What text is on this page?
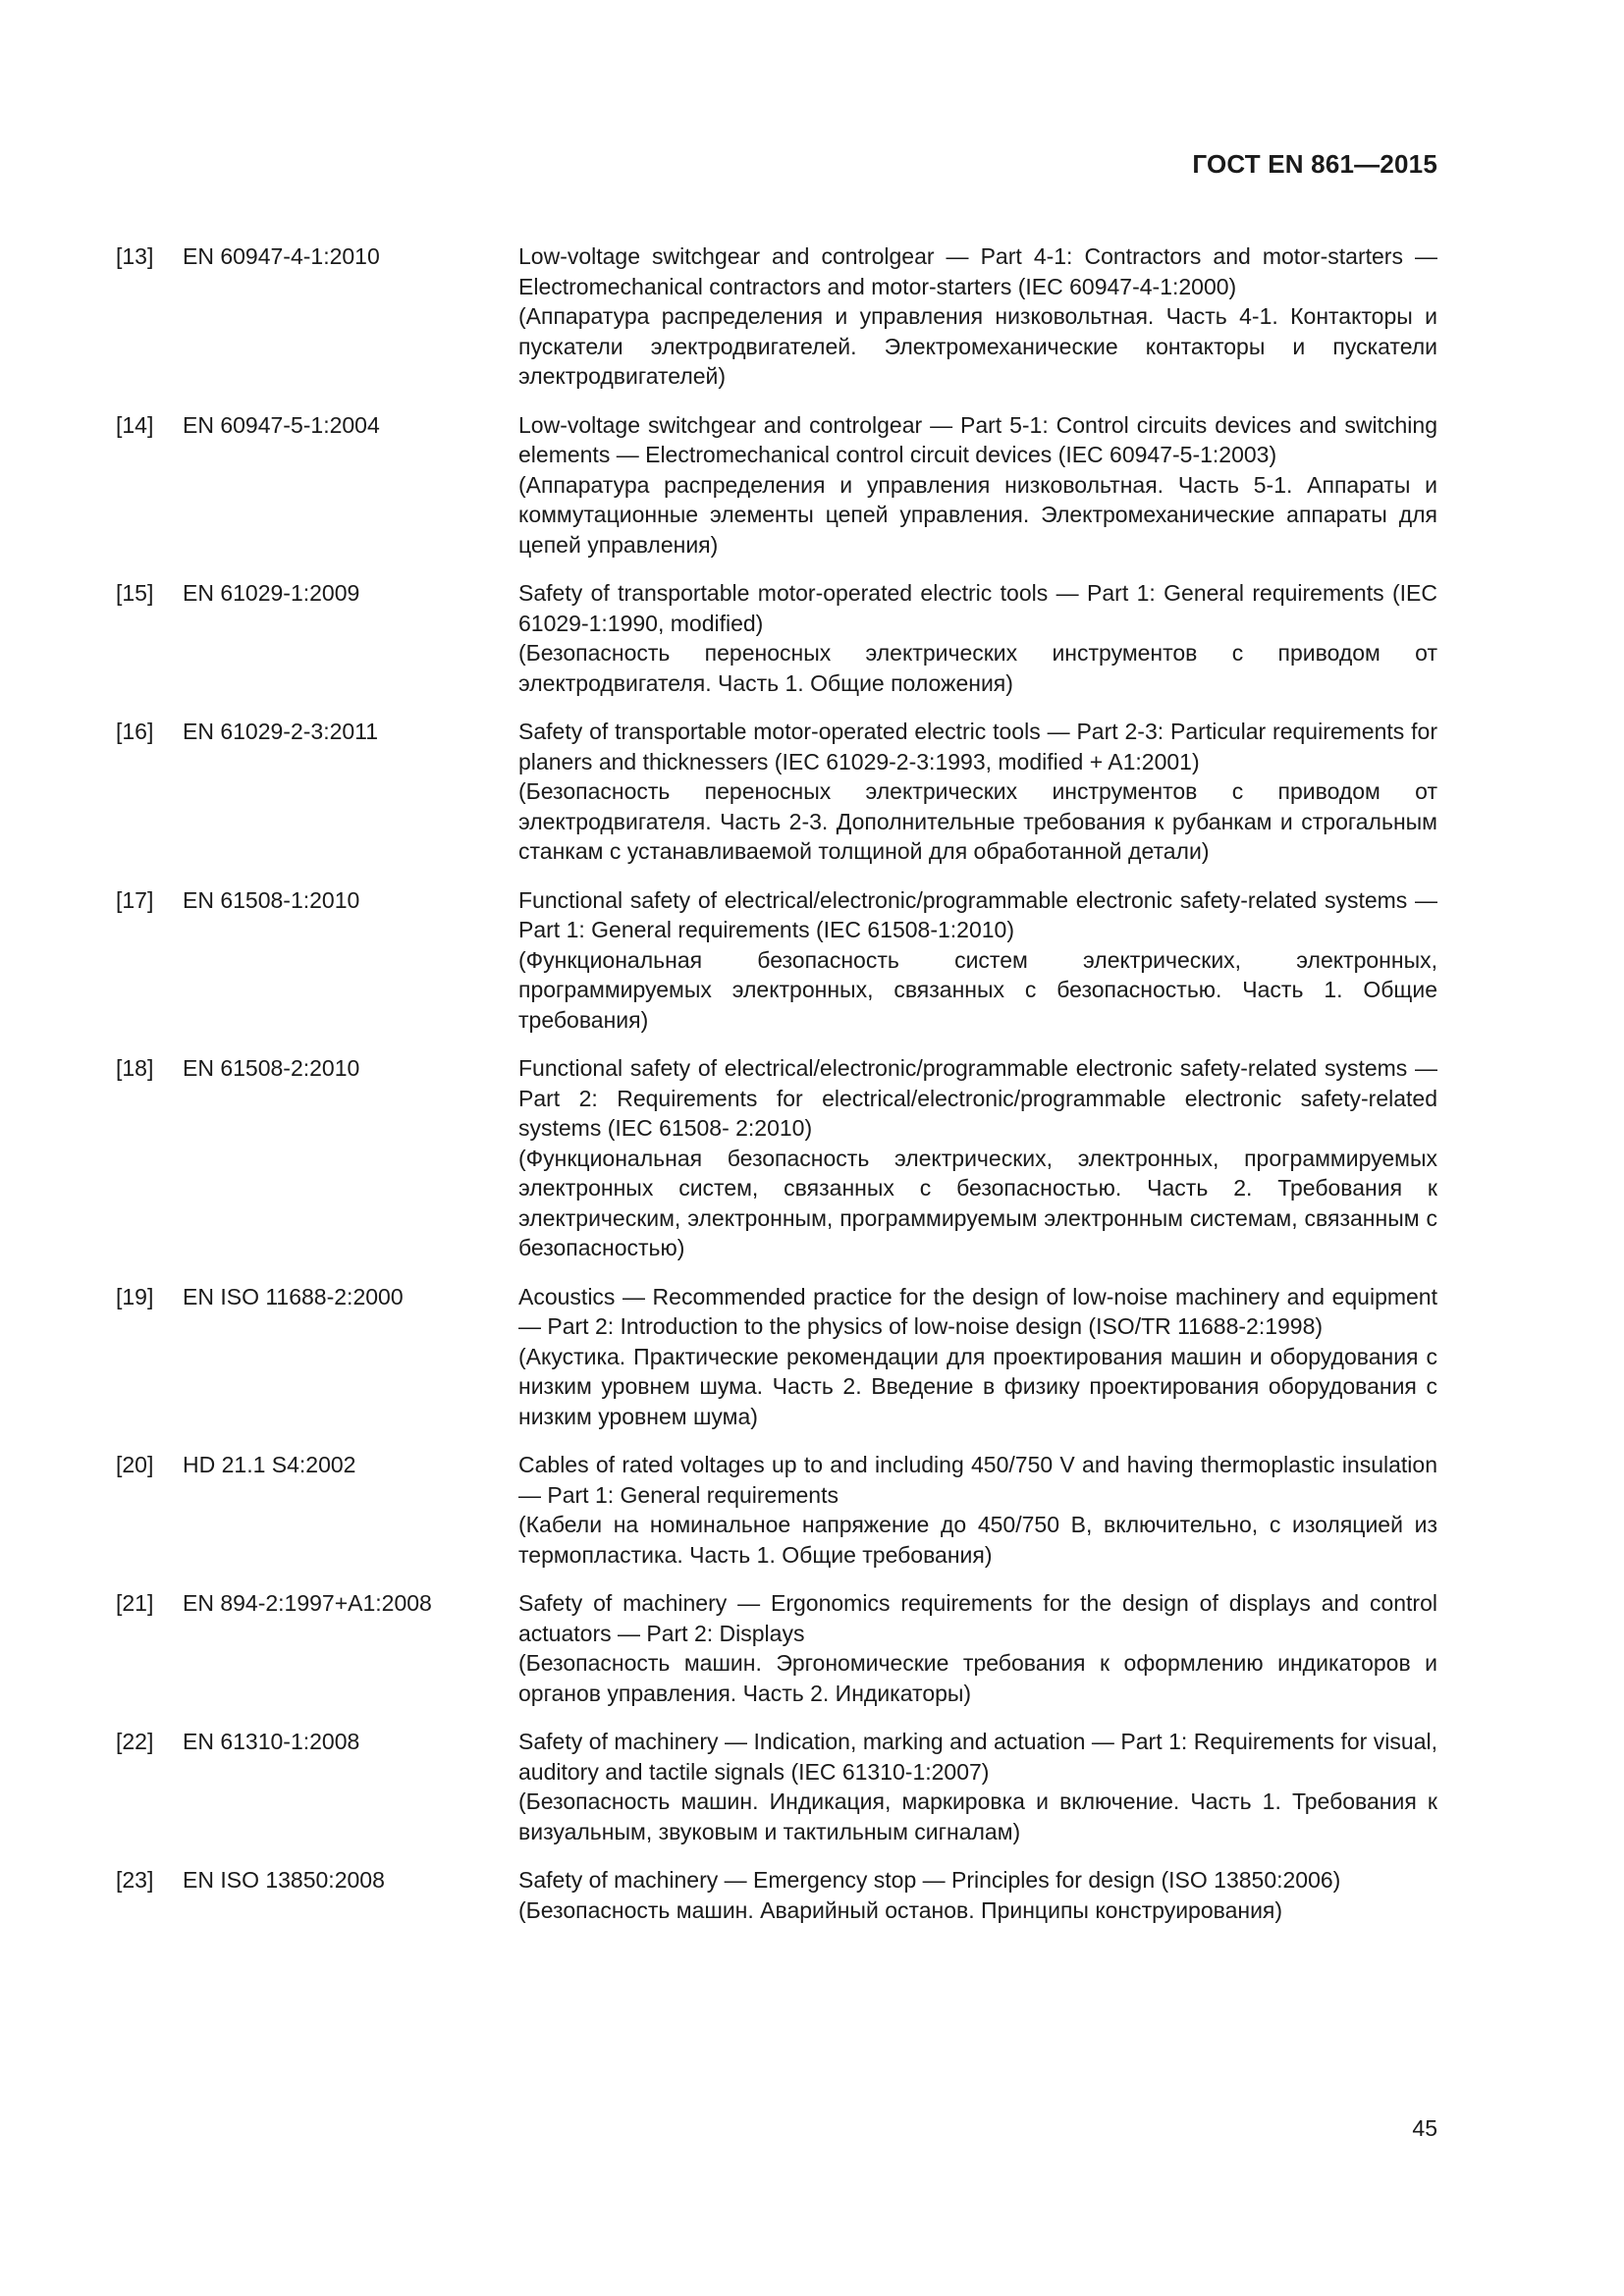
ГОСТ EN 861—2015
[13]	EN 60947-4-1:2010	Low-voltage switchgear and controlgear — Part 4-1: Contractors and motor-starters — Electromechanical contractors and motor-starters (IEC 60947-4-1:2000)

(Аппаратура распределения и управления низковольтная. Часть 4-1. Контакторы и пускатели электродвигателей. Электромеханические контакторы и пускатели электродвигателей)

[14]	EN 60947-5-1:2004	Low-voltage switchgear and controlgear — Part 5-1: Control circuits devices and switching elements — Electromechanical control circuit devices (IEC 60947-5-1:2003)

(Аппаратура распределения и управления низковольтная. Часть 5-1. Аппараты и коммутационные элементы цепей управления. Электромеханические аппараты для цепей управления)

[15]	EN 61029-1:2009	Safety of transportable motor-operated electric tools — Part 1: General requirements (IEC 61029-1:1990, modified)

(Безопасность переносных электрических инструментов с приводом от электродвигателя. Часть 1. Общие положения)

[16]	EN 61029-2-3:2011	Safety of transportable motor-operated electric tools — Part 2-3: Particular requirements for planers and thicknessers (IEC 61029-2-3:1993, modified + A1:2001)

(Безопасность переносных электрических инструментов с приводом от электродвигателя. Часть 2-3. Дополнительные требования к рубанкам и строгальным станкам с устанавливаемой толщиной для обработанной детали)

[17]	EN 61508-1:2010	Functional safety of electrical/electronic/programmable electronic safety-related systems — Part 1: General requirements (IEC 61508-1:2010)

(Функциональная безопасность систем электрических, электронных, программируемых электронных, связанных с безопасностью. Часть 1. Общие требования)

[18]	EN 61508-2:2010	Functional safety of electrical/electronic/programmable electronic safety-related systems — Part 2: Requirements for electrical/electronic/programmable electronic safety-related systems (IEC 61508- 2:2010)

(Функциональная безопасность электрических, электронных, программируемых электронных систем, связанных с безопасностью. Часть 2. Требования к электрическим, электронным, программируемым электронным системам, связанным с безопасностью)

[19]	EN ISO 11688-2:2000	Acoustics — Recommended practice for the design of low-noise machinery and equipment — Part 2: Introduction to the physics of low-noise design (ISO/TR 11688-2:1998)

(Акустика. Практические рекомендации для проектирования машин и оборудования с низким уровнем шума. Часть 2. Введение в физику проектирования оборудования с низким уровнем шума)

[20]	HD 21.1 S4:2002	Cables of rated voltages up to and including 450/750 V and having thermoplastic insulation — Part 1: General requirements

(Кабели на номинальное напряжение до 450/750 В, включительно, с изоляцией из термопластика. Часть 1. Общие требования)

[21]	EN 894-2:1997+A1:2008	Safety of machinery — Ergonomics requirements for the design of displays and control actuators — Part 2: Displays

(Безопасность машин. Эргономические требования к оформлению индикаторов и органов управления. Часть 2. Индикаторы)

[22]	EN 61310-1:2008	Safety of machinery — Indication, marking and actuation — Part 1: Requirements for visual, auditory and tactile signals (IEC 61310-1:2007)

(Безопасность машин. Индикация, маркировка и включение. Часть 1. Требования к визуальным, звуковым и тактильным сигналам)

[23]	EN ISO 13850:2008	Safety of machinery — Emergency stop — Principles for design (ISO 13850:2006)

(Безопасность машин. Аварийный останов. Принципы конструирования)

45
